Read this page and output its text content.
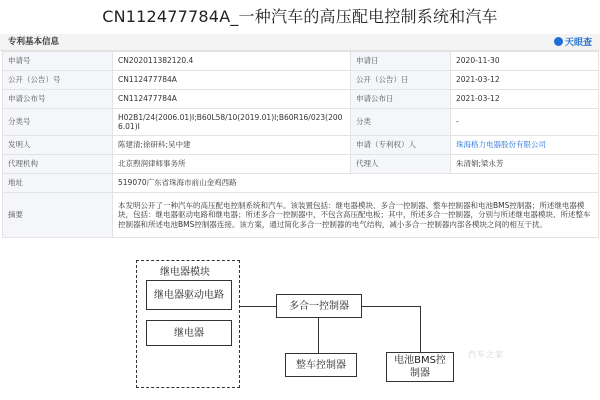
CN112477784A_一种汽车的高压配电控制系统和汽车
专利基本信息	天眼查
申请号	CN202011382120.4	申请日	2020-11-30
公开（公告）号	CN112477784A	公开（公告）日	2021-03-12
申请公布号	CN112477784A	申请公布日	2021-03-12
分类号	H02B1/24(2006.01)I;B60L58/10(2019.01)I;B60R16/023(2006.01)I	分类	-
发明人	陈建清;徐研科;吴中建	申请（专利权）人	珠海格力电器股份有限公司
代理机构	北京煦润律师事务所	代理人	朱清娟;梁永芳
地址	519070广东省珠海市前山金鸡西路		
摘要	本发明公开了一种汽车的高压配电控制系统和汽车。该装置包括：继电器模块、多合一控制器、整车控制器和电池BMS控制器；所述继电器模块，包括：继电器驱动电路和继电器；所述多合一控制器中，不包含高压配电板；其中，所述多合一控制器，分别与所述继电器模块、所述整车控制器和所述电池BMS控制器连接。该方案，通过简化多合一控制器的电气结构，减小多合一控制器内部各模块之间的相互干扰。		
继电器模块
继电器驱动电路
继电器
多合一控制器
整车控制器	电池BMS控制器
汽车之家
